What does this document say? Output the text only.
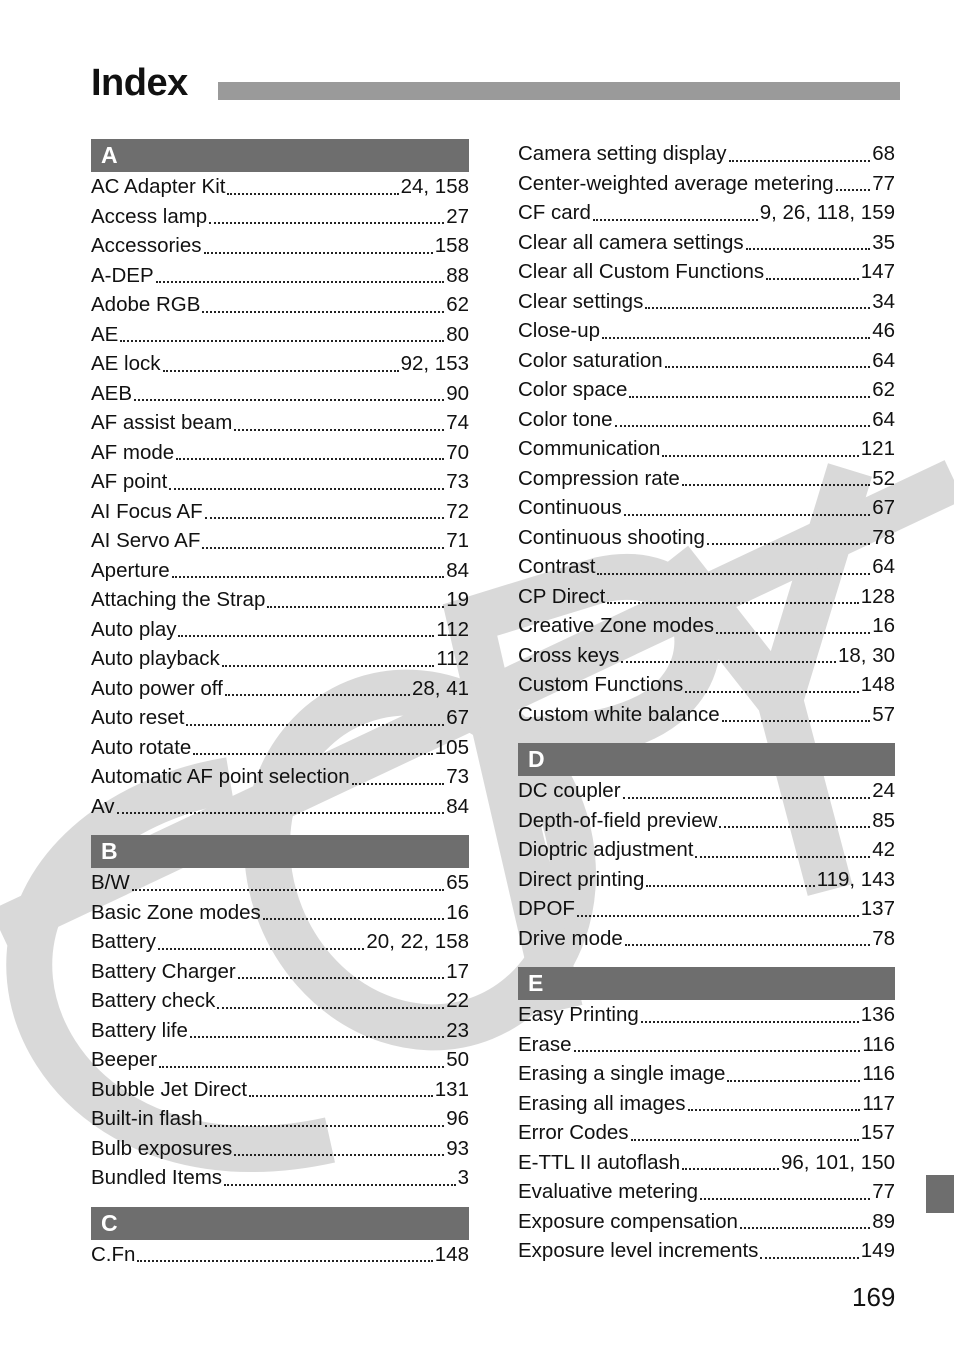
Index
A
AC Adapter Kit	24, 158
Access lamp	27
Accessories	158
A-DEP	88
Adobe RGB	62
AE	80
AE lock	92, 153
AEB	90
AF assist beam	74
AF mode	70
AF point	73
AI Focus AF	72
AI Servo AF	71
Aperture	84
Attaching the Strap	19
Auto play	112
Auto playback	112
Auto power off	28, 41
Auto reset	67
Auto rotate	105
Automatic AF point selection	73
Av	84
B
B/W	65
Basic Zone modes	16
Battery	20, 22, 158
Battery Charger	17
Battery check	22
Battery life	23
Beeper	50
Bubble Jet Direct	131
Built-in flash	96
Bulb exposures	93
Bundled Items	3
C
C.Fn	148
Camera setting display	68
Center-weighted average metering 77
CF card	9, 26, 118, 159
Clear all camera settings	35
Clear all Custom Functions	147
Clear settings	34
Close-up	46
Color saturation	64
Color space	62
Color tone	64
Communication	121
Compression rate	52
Continuous	67
Continuous shooting	78
Contrast	64
CP Direct	128
Creative Zone modes	16
Cross keys	18, 30
Custom Functions	148
Custom white balance	57
D
DC coupler	24
Depth-of-field preview	85
Dioptric adjustment	42
Direct printing	119, 143
DPOF	137
Drive mode	78
E
Easy Printing	136
Erase	116
Erasing a single image	116
Erasing all images	117
Error Codes	157
E-TTL II autoflash	96, 101, 150
Evaluative metering	77
Exposure compensation	89
Exposure level increments	149
169
